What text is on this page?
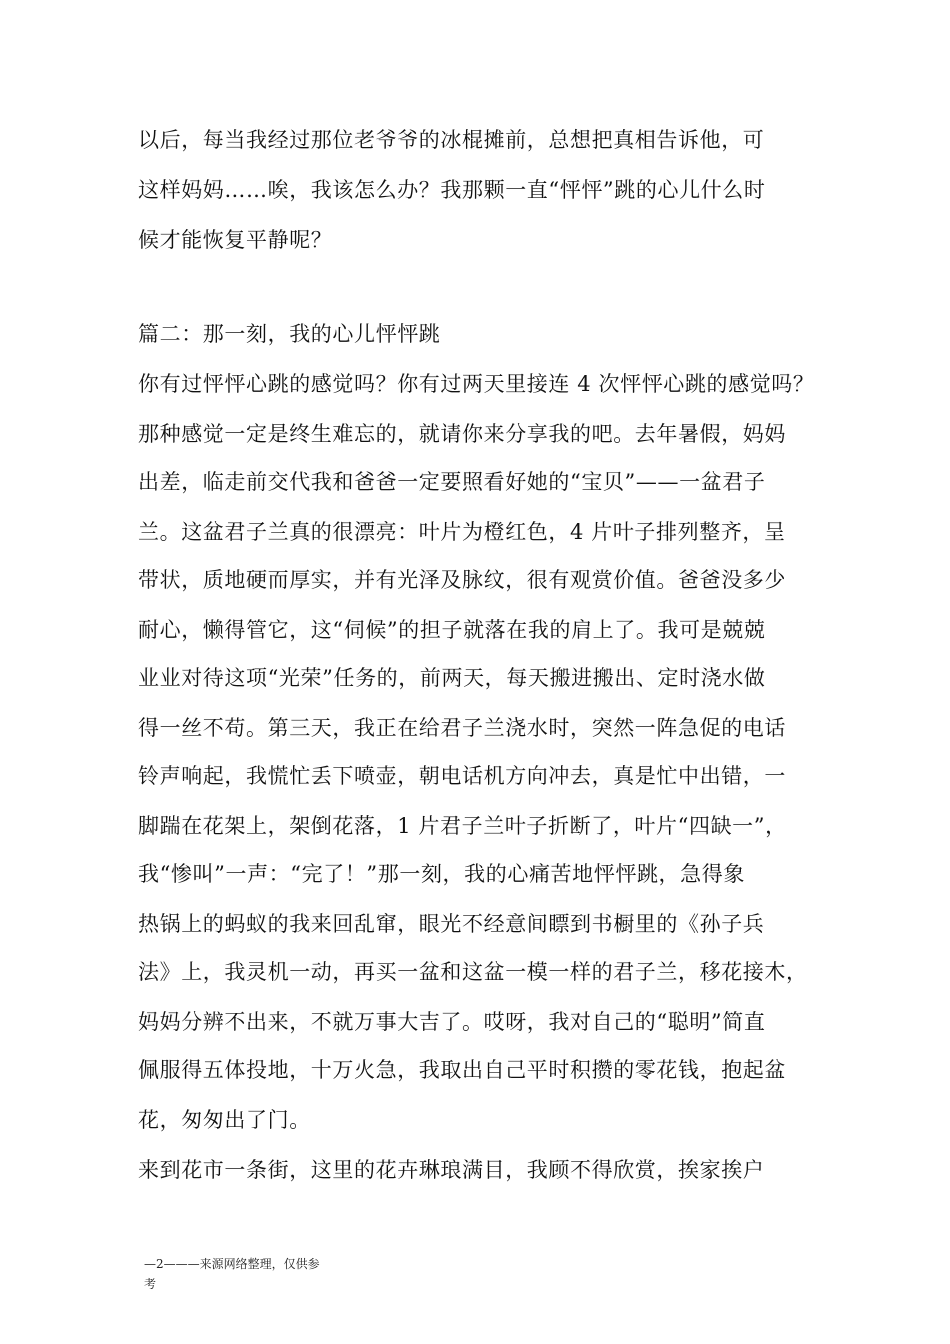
以后，每当我经过那位老爷爷的冰棍摊前，总想把真相告诉他，可
这样妈妈……唉，我该怎么办？我那颗一直“怦怦”跳的心儿什么时
候才能恢复平静呢？
篇二：那一刻，我的心儿怦怦跳
你有过怦怦心跳的感觉吗？你有过两天里接连 4 次怦怦心跳的感觉吗？
那种感觉一定是终生难忘的，就请你来分享我的吧。去年暑假，妈妈
出差，临走前交代我和爸爸一定要照看好她的“宝贝”——一盆君子
兰。这盆君子兰真的很漂亮：叶片为橙红色，4 片叶子排列整齐，呈
带状，质地硬而厚实，并有光泽及脉纹，很有观赏价值。爸爸没多少
耐心，懒得管它，这“伺候”的担子就落在我的肩上了。我可是兢兢
业业对待这项“光荣”任务的，前两天，每天搬进搬出、定时浇水做
得一丝不苟。第三天，我正在给君子兰浇水时，突然一阵急促的电话
铃声响起，我慌忙丢下喷壶，朝电话机方向冲去，真是忙中出错，一
脚踹在花架上，架倒花落，1 片君子兰叶子折断了，叶片“四缺一”，
我“惨叫”一声：“完了！”那一刻，我的心痛苦地怦怦跳，急得象
热锅上的蚂蚁的我来回乱窜，眼光不经意间瞟到书橱里的《孙子兵
法》上，我灵机一动，再买一盆和这盆一模一样的君子兰，移花接木，
妈妈分辨不出来，不就万事大吉了。哎呀，我对自己的“聪明”简直
佩服得五体投地，十万火急，我取出自己平时积攒的零花钱，抱起盆
花，匆匆出了门。
来到花市一条街，这里的花卉琳琅满目，我顾不得欣赏，挨家挨户
—2———来源网络整理，仅供参
考
